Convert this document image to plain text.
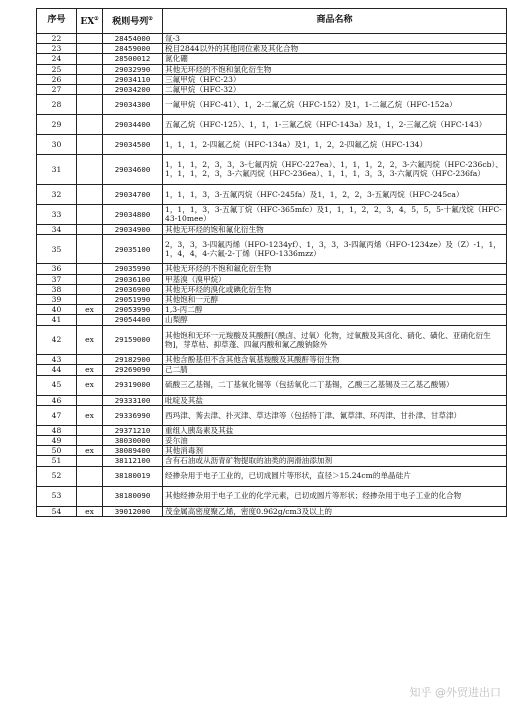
序号	EX①	税则号列②	商品名称
22		28454000	氚-3
23		28459000	税目2844以外的其他同位素及其化合物
24		28500012	氮化硼
25		29032990	其他无环烃的不饱和氯化衍生物
26		29034110	三氟甲烷（HFC-23）
27		29034200	二氟甲烷（HFC-32）
28		29034300	一氟甲烷（HFC-41）、1，2-二氟乙烷（HFC-152）及1，1-二氟乙烷（HFC-152a）
29		29034400	五氟乙烷（HFC-125）、1，1，1-三氟乙烷（HFC-143a）及1，1，2-三氟乙烷（HFC-143）
30		29034500	1，1，1，2-四氟乙烷（HFC-134a）及1，1，2，2-四氟乙烷（HFC-134）
31		29034600	1，1，1，2，3，3，3-七氟丙烷（HFC-227ea）、1，1，1，2，2，3-六氟丙烷（HFC-236cb）、1，1，1，2，3，3-六氟丙烷（HFC-236ea）、1，1，1，3，3，3-六氟丙烷（HFC-236fa）
32		29034700	1，1，1，3，3-五氟丙烷（HFC-245fa）及1，1，2，2，3-五氟丙烷（HFC-245ca）
33		29034800	1，1，1，3，3-五氟丁烷（HFC-365mfc）及1，1，1，2，2，3，4，5，5，5-十氟戊烷（HFC-43-10mee）
34		29034900	其他无环烃的饱和氟化衍生物
35		29035100	2，3，3，3-四氟丙烯（HFO-1234yf）、1，3，3，3-四氟丙烯（HFO-1234ze）及（Z）-1，1，1，4，4，4-六氟-2-丁烯（HFO-1336mzz）
36		29035990	其他无环烃的不饱和氟化衍生物
37		29036100	甲基溴（溴甲烷）
38		29036900	其他无环烃的溴化或碘化衍生物
39		29051990	其他饱和一元醇
40	ex	29053990	1,3-丙二醇
41		29054400	山梨醇
42	ex	29159000	其他饱和无环一元羧酸及其酸酐[（酰卤、过氧）化物，过氧酸及其卤化、硝化、磺化、亚硝化衍生物]，芽草枯、抑草蓬、四氟丙酸和氟乙酸钠除外
43		29182900	其他含酚基但不含其他含氧基羧酸及其酸酐等衍生物
44	ex	29269090	己二腈
45	ex	29319000	硫酸三乙基锡，二丁基氧化锡等（包括氧化二丁基锡，乙酸三乙基锡及三乙基乙酸锡）
46		29333100	吡啶及其盐
47	ex	29336990	西玛津、莠去津、扑灭津、草达津等（包括特丁津、氰草津、环丙津、甘扑津、甘草津）
48		29371210	重组人胰岛素及其盐
49		38030000	妥尔油
50	ex	38089400	其他消毒剂
51		38112100	含有石油或从沥青矿物提取的油类的润滑油添加剂
52		38180019	经掺杂用于电子工业的，已切成圆片等形状，直径＞15.24cm的单晶硅片
53		38180090	其他经掺杂用于电子工业的化学元素，已切成圆片等形状；经掺杂用于电子工业的化合物
54	ex	39012000	茂金属高密度聚乙烯，密度0.962g/cm3及以上的
知乎 @外贸进出口
